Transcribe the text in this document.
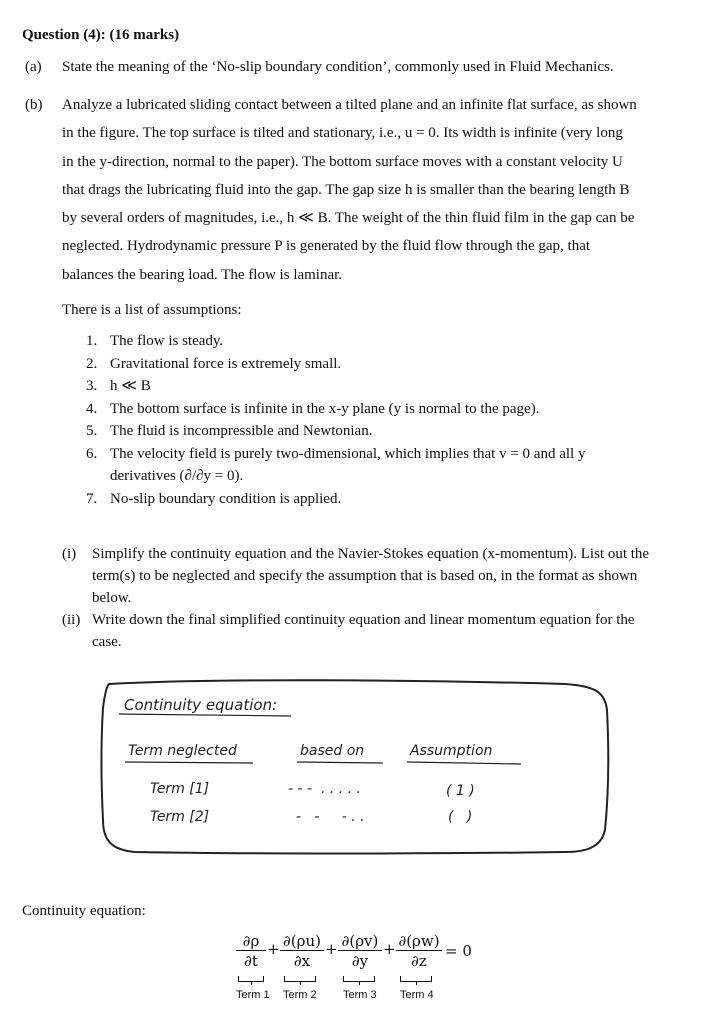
Question (4): (16 marks)
(a) State the meaning of the ‘No-slip boundary condition’, commonly used in Fluid Mechanics.
(b) Analyze a lubricated sliding contact between a tilted plane and an infinite flat surface, as shown
in the figure. The top surface is tilted and stationary, i.e., u = 0. Its width is infinite (very long
in the y-direction, normal to the paper). The bottom surface moves with a constant velocity U
that drags the lubricating fluid into the gap. The gap size h is smaller than the bearing length B
by several orders of magnitudes, i.e., h ≪ B. The weight of the thin fluid film in the gap can be
neglected. Hydrodynamic pressure P is generated by the fluid flow through the gap, that
balances the bearing load. The flow is laminar.
There is a list of assumptions:
1. The flow is steady.
2. Gravitational force is extremely small.
3. h ≪ B
4. The bottom surface is infinite in the x-y plane (y is normal to the page).
5. The fluid is incompressible and Newtonian.
6. The velocity field is purely two-dimensional, which implies that v = 0 and all y derivatives (∂/∂y = 0).
7. No-slip boundary condition is applied.
(i) Simplify the continuity equation and the Navier-Stokes equation (x-momentum). List out the term(s) to be neglected and specify the assumption that is based on, in the format as shown below.
(ii) Write down the final simplified continuity equation and linear momentum equation for the case.
Continuity equation:
Term neglected	based on	Assumption
Term [1]	- - -  . . . . .	( 1 )
Term [2]	-   -     - . .	(   )
Continuity equation:
$\frac{\partial\rho}{\partial t} + \frac{\partial(\rho u)}{\partial x} + \frac{\partial(\rho v)}{\partial y} + \frac{\partial(\rho w)}{\partial z} = 0$
Term 1 Term 2 Term 3 Term 4
